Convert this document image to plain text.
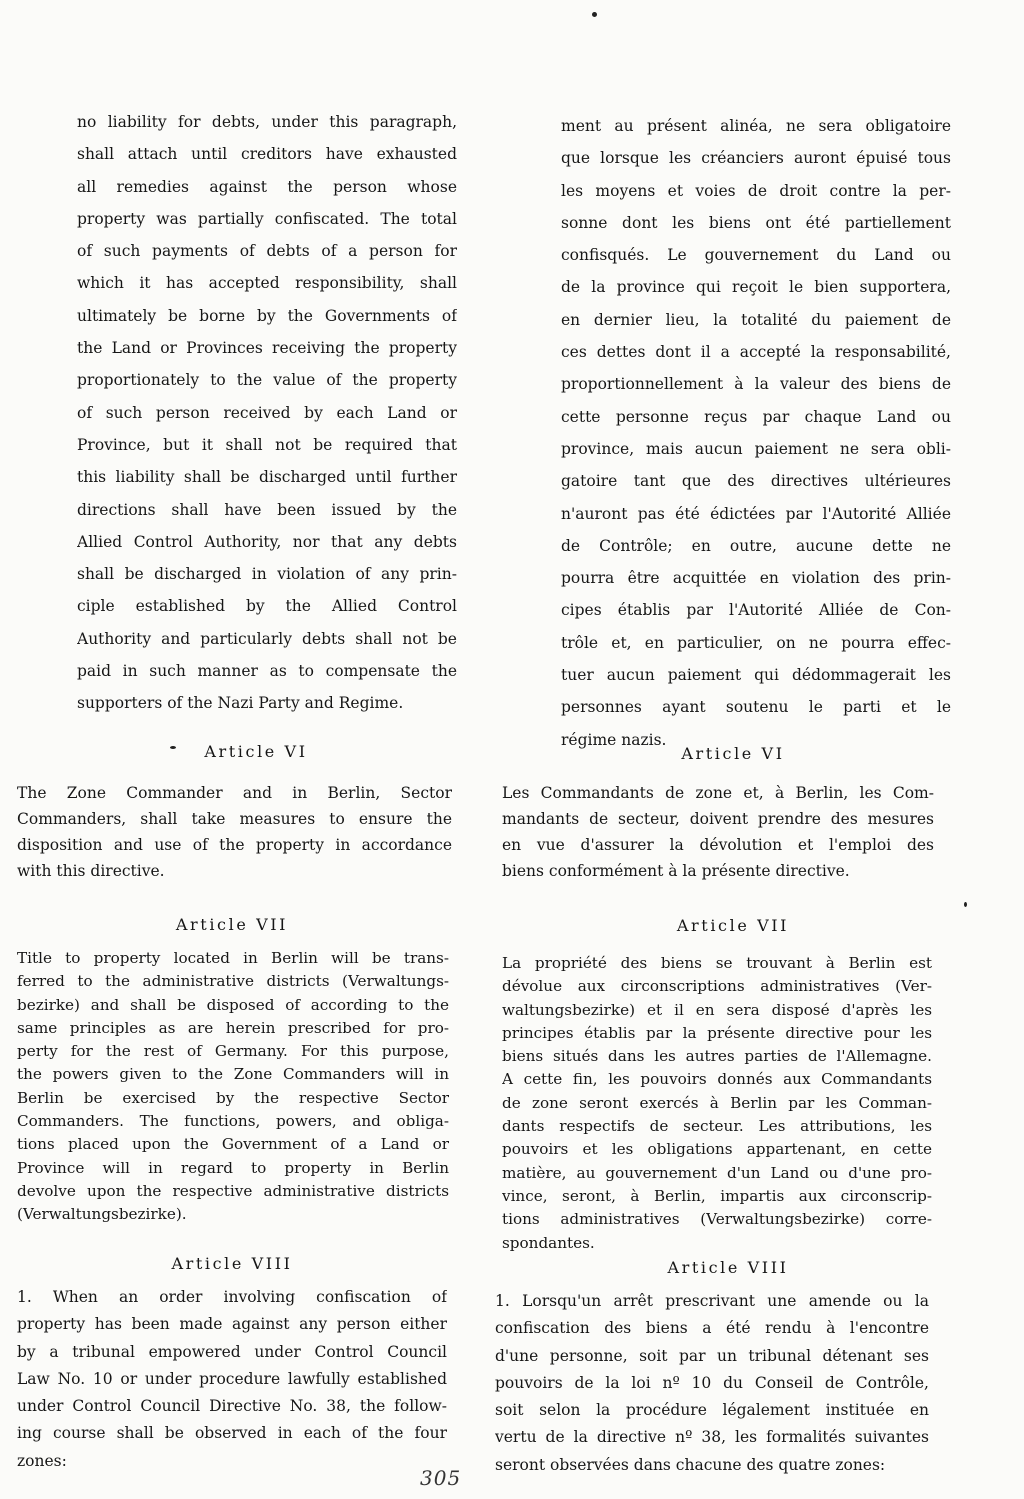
no liability for debts, under this paragraph,
shall attach until creditors have exhausted
all remedies against the person whose
property was partially confiscated. The total
of such payments of debts of a person for
which it has accepted responsibility, shall
ultimately be borne by the Governments of
the Land or Provinces receiving the property
proportionately to the value of the property
of such person received by each Land or
Province, but it shall not be required that
this liability shall be discharged until further
directions shall have been issued by the
Allied Control Authority, nor that any debts
shall be discharged in violation of any prin-
ciple established by the Allied Control
Authority and particularly debts shall not be
paid in such manner as to compensate the
supporters of the Nazi Party and Regime.
Article VI
The Zone Commander and in Berlin, Sector
Commanders, shall take measures to ensure the
disposition and use of the property in accordance
with this directive.
Article VII
Title to property located in Berlin will be trans-
ferred to the administrative districts (Verwaltungs-
bezirke) and shall be disposed of according to the
same principles as are herein prescribed for pro-
perty for the rest of Germany. For this purpose,
the powers given to the Zone Commanders will in
Berlin be exercised by the respective Sector
Commanders. The functions, powers, and obliga-
tions placed upon the Government of a Land or
Province will in regard to property in Berlin
devolve upon the respective administrative districts
(Verwaltungsbezirke).
Article VIII
1. When an order involving confiscation of
property has been made against any person either
by a tribunal empowered under Control Council
Law No. 10 or under procedure lawfully established
under Control Council Directive No. 38, the follow-
ing course shall be observed in each of the four
zones:
ment au présent alinéa, ne sera obligatoire
que lorsque les créanciers auront épuisé tous
les moyens et voies de droit contre la per-
sonne dont les biens ont été partiellement
confisqués. Le gouvernement du Land ou
de la province qui reçoit le bien supportera,
en dernier lieu, la totalité du paiement de
ces dettes dont il a accepté la responsabilité,
proportionnellement à la valeur des biens de
cette personne reçus par chaque Land ou
province, mais aucun paiement ne sera obli-
gatoire tant que des directives ultérieures
n'auront pas été édictées par l'Autorité Alliée
de Contrôle; en outre, aucune dette ne
pourra être acquittée en violation des prin-
cipes établis par l'Autorité Alliée de Con-
trôle et, en particulier, on ne pourra effec-
tuer aucun paiement qui dédommagerait les
personnes ayant soutenu le parti et le
régime nazis.
Article VI
Les Commandants de zone et, à Berlin, les Com-
mandants de secteur, doivent prendre des mesures
en vue d'assurer la dévolution et l'emploi des
biens conformément à la présente directive.
Article VII
La propriété des biens se trouvant à Berlin est
dévolue aux circonscriptions administratives (Ver-
waltungsbezirke) et il en sera disposé d'après les
principes établis par la présente directive pour les
biens situés dans les autres parties de l'Allemagne.
A cette fin, les pouvoirs donnés aux Commandants
de zone seront exercés à Berlin par les Comman-
dants respectifs de secteur. Les attributions, les
pouvoirs et les obligations appartenant, en cette
matière, au gouvernement d'un Land ou d'une pro-
vince, seront, à Berlin, impartis aux circonscrip-
tions administratives (Verwaltungsbezirke) corre-
spondantes.
Article VIII
1. Lorsqu'un arrêt prescrivant une amende ou la
confiscation des biens a été rendu à l'encontre
d'une personne, soit par un tribunal détenant ses
pouvoirs de la loi nº 10 du Conseil de Contrôle,
soit selon la procédure légalement instituée en
vertu de la directive nº 38, les formalités suivantes
seront observées dans chacune des quatre zones:
305
